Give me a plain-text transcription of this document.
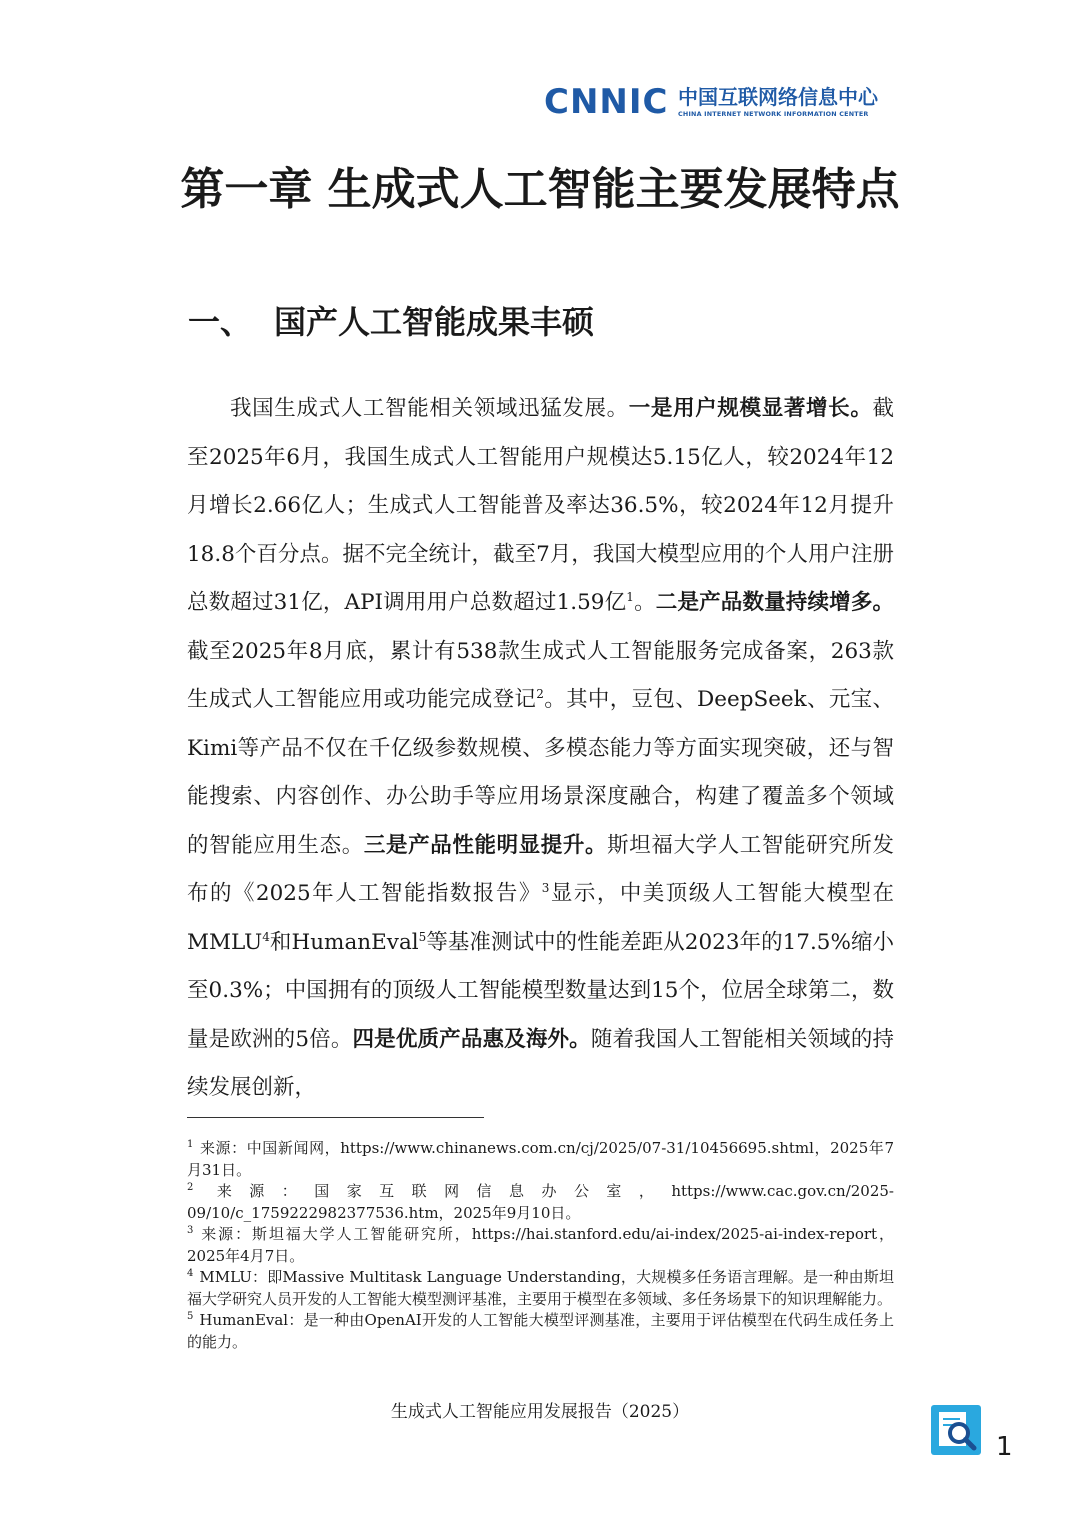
CNNIC 中国互联网络信息中心
CHINA INTERNET NETWORK INFORMATION CENTER
第一章 生成式人工智能主要发展特点
一、 国产人工智能成果丰硕

我国生成式人工智能相关领域迅猛发展。一是用户规模显著增长。截至2025年6月，我国生成式人工智能用户规模达5.15亿人，较2024年12月增长2.66亿人；生成式人工智能普及率达36.5%，较2024年12月提升18.8个百分点。据不完全统计，截至7月，我国大模型应用的个人用户注册总数超过31亿，API调用用户总数超过1.59亿$^1$。二是产品数量持续增多。截至2025年8月底，累计有538款生成式人工智能服务完成备案，263款生成式人工智能应用或功能完成登记$^2$。其中，豆包、DeepSeek、元宝、Kimi等产品不仅在千亿级参数规模、多模态能力等方面实现突破，还与智能搜索、内容创作、办公助手等应用场景深度融合，构建了覆盖多个领域的智能应用生态。三是产品性能明显提升。斯坦福大学人工智能研究所发布的《2025年人工智能指数报告》$^3$显示，中美顶级人工智能大模型在MMLU$^4$和HumanEval$^5$等基准测试中的性能差距从2023年的17.5%缩小至0.3%；中国拥有的顶级人工智能模型数量达到15个，位居全球第二，数量是欧洲的5倍。四是优质产品惠及海外。随着我国人工智能相关领域的持续发展创新，

$^1$ 来源：中国新闻网，https://www.chinanews.com.cn/cj/2025/07-31/10456695.shtml，2025年7月31日。

$^2$ 来源：国家互联网信息办公室，https://www.cac.gov.cn/2025-09/10/c_1759222982377536.htm，2025年9月10日。

$^3$ 来源：斯坦福大学人工智能研究所，https://hai.stanford.edu/ai-index/2025-ai-index-report，2025年4月7日。

$^4$ MMLU：即Massive Multitask Language Understanding，大规模多任务语言理解。是一种由斯坦福大学研究人员开发的人工智能大模型测评基准，主要用于模型在多领域、多任务场景下的知识理解能力。

$^5$ HumanEval：是一种由OpenAI开发的人工智能大模型评测基准，主要用于评估模型在代码生成任务上的能力。

生成式人工智能应用发展报告（2025）
1
